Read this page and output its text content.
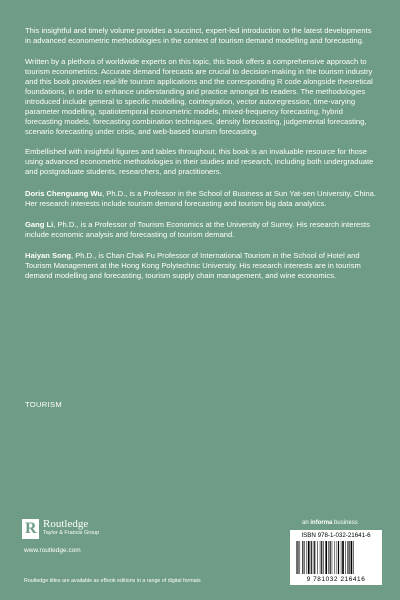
This insightful and timely volume provides a succinct, expert-led introduction to the latest developments in advanced econometric methodologies in the context of tourism demand modelling and forecasting.

Written by a plethora of worldwide experts on this topic, this book offers a comprehensive approach to tourism econometrics. Accurate demand forecasts are crucial to decision-making in the tourism industry and this book provides real-life tourism applications and the corresponding R code alongside theoretical foundations, in order to enhance understanding and practice amongst its readers. The methodologies introduced include general to specific modelling, cointegration, vector autoregression, time-varying parameter modelling, spatiotemporal econometric models, mixed-frequency forecasting, hybrid forecasting models, forecasting combination techniques, density forecasting, judgemental forecasting, scenario forecasting under crisis, and web-based tourism forecasting.

Embellished with insightful figures and tables throughout, this book is an invaluable resource for those using advanced econometric methodologies in their studies and research, including both undergraduate and postgraduate students, researchers, and practitioners.

Doris Chenguang Wu, Ph.D., is a Professor in the School of Business at Sun Yat-sen University, China. Her research interests include tourism demand forecasting and tourism big data analytics.
Gang Li, Ph.D., is a Professor of Tourism Economics at the University of Surrey. His research interests include economic analysis and forecasting of tourism demand.
Haiyan Song, Ph.D., is Chan Chak Fu Professor of International Tourism in the School of Hotel and Tourism Management at the Hong Kong Polytechnic University. His research interests are in tourism demand modelling and forecasting, tourism supply chain management, and wine economics.
TOURISM
R
Routledge
Taylor & Francis Group
www.routledge.com
Routledge titles are available as eBook editions in a range of digital formats
an informa business
ISBN 978-1-032-21641-6
9 781032 216416
